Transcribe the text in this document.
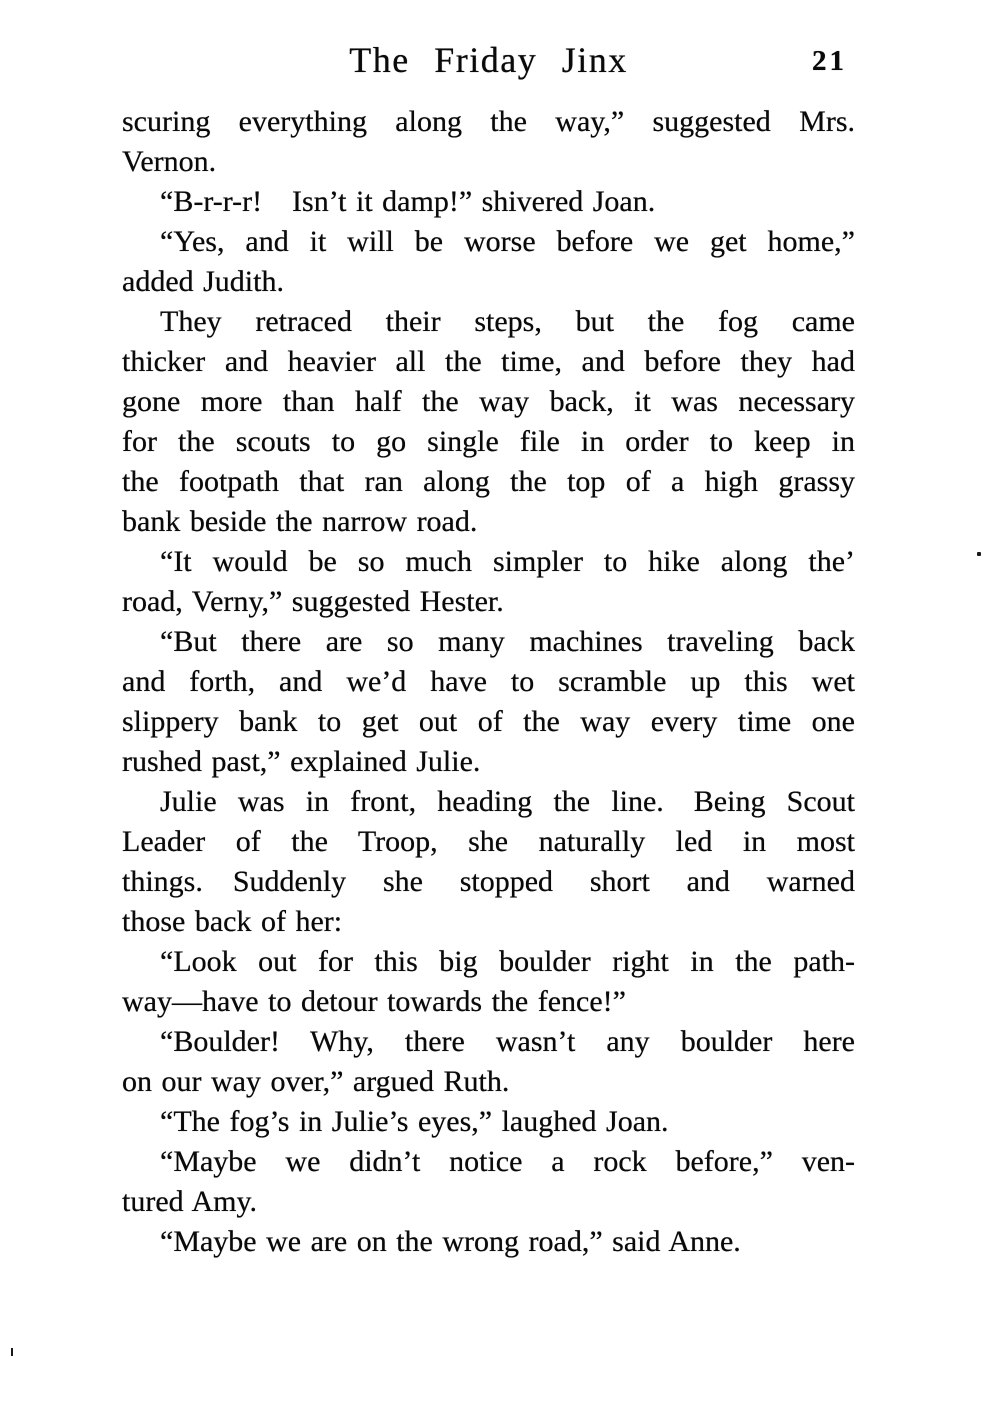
The Friday Jinx	21
scuring everything along the way,” suggested Mrs.
Vernon.
“B-r-r-r! Isn’t it damp!” shivered Joan.
“Yes, and it will be worse before we get home,”
added Judith.
They retraced their steps, but the fog came
thicker and heavier all the time, and before they had
gone more than half the way back, it was necessary
for the scouts to go single file in order to keep in
the footpath that ran along the top of a high grassy
bank beside the narrow road.
“It would be so much simpler to hike along the’
road, Verny,” suggested Hester.
“But there are so many machines traveling back
and forth, and we’d have to scramble up this wet
slippery bank to get out of the way every time one
rushed past,” explained Julie.
Julie was in front, heading the line. Being Scout
Leader of the Troop, she naturally led in most
things. Suddenly she stopped short and warned
those back of her:
“Look out for this big boulder right in the path-
way—have to detour towards the fence!”
“Boulder! Why, there wasn’t any boulder here
on our way over,” argued Ruth.
“The fog’s in Julie’s eyes,” laughed Joan.
“Maybe we didn’t notice a rock before,” ven-
tured Amy.
“Maybe we are on the wrong road,” said Anne.
